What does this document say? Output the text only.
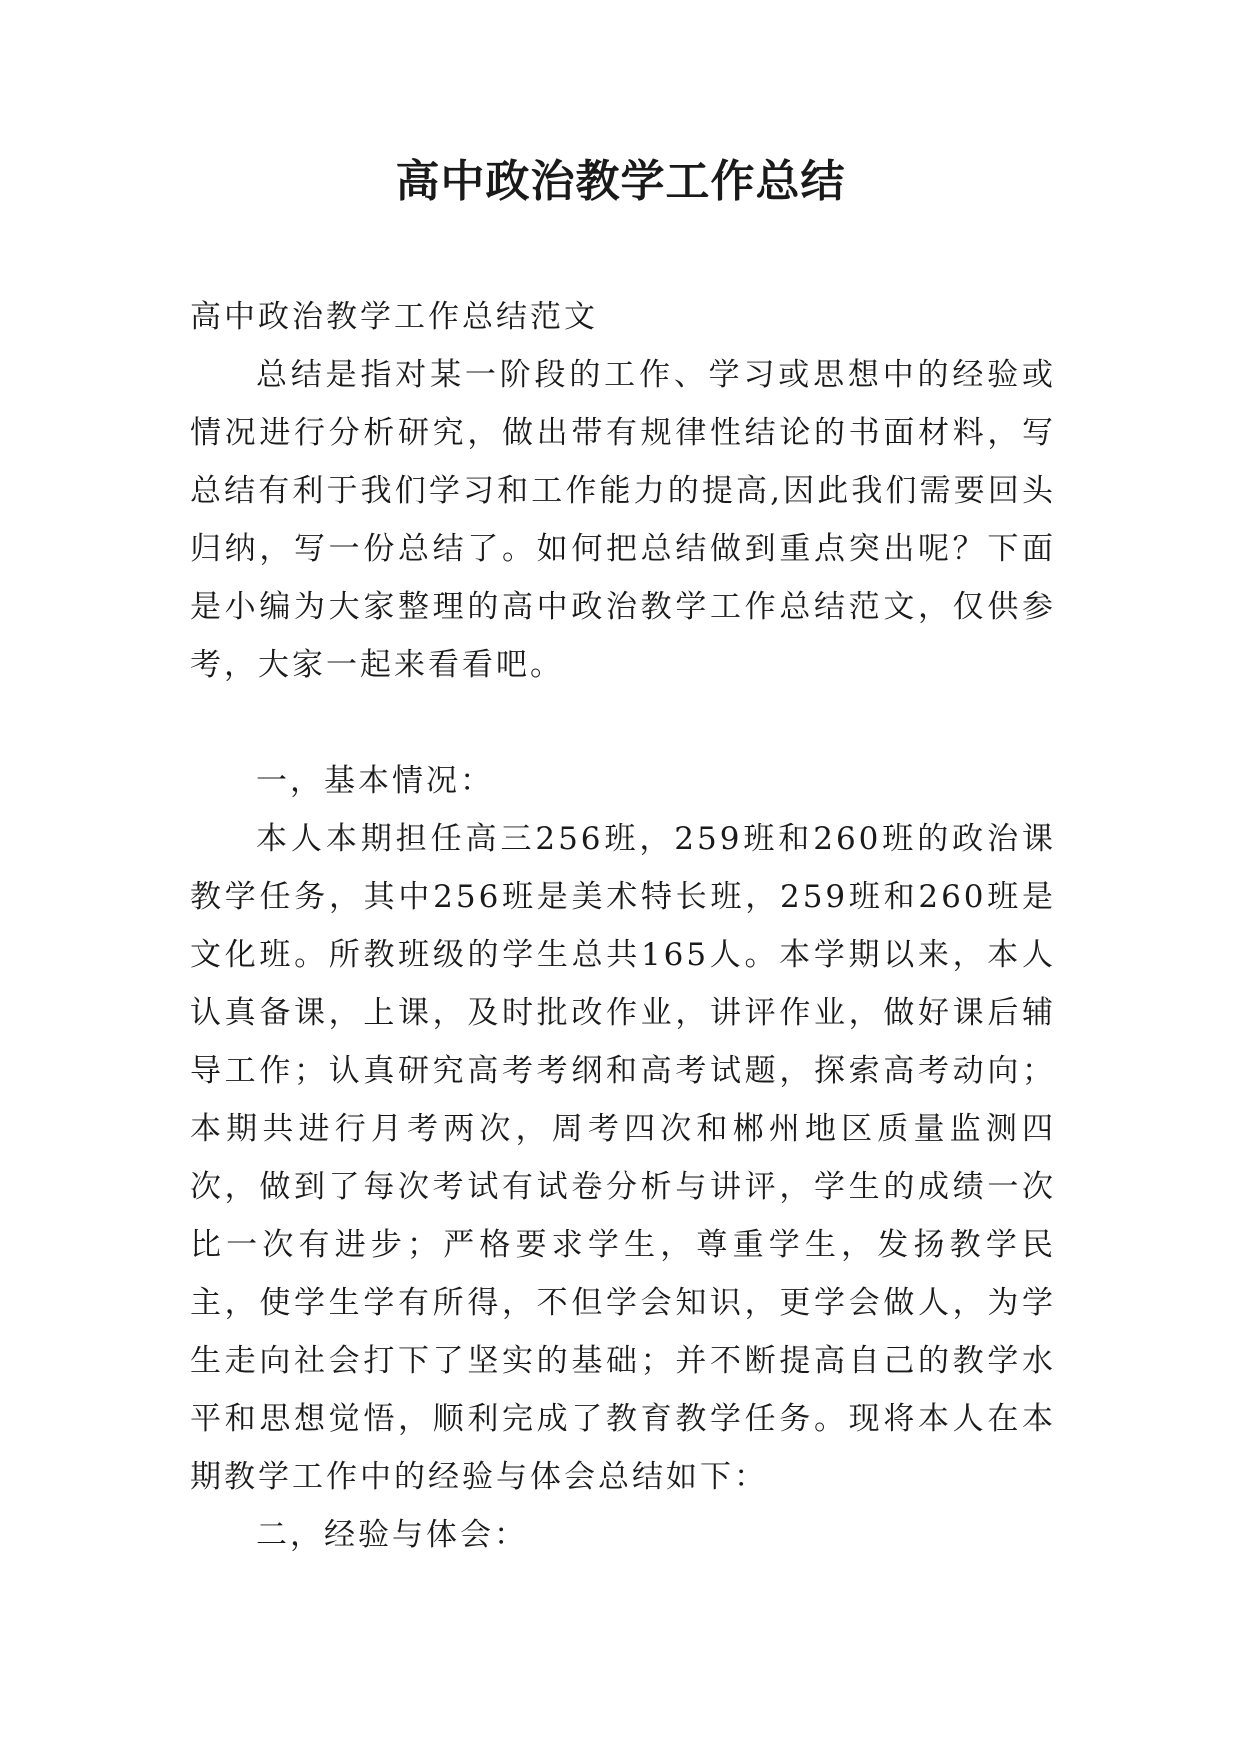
高中政治教学工作总结

高中政治教学工作总结范文

总结是指对某一阶段的工作、学习或思想中的经验或情况进行分析研究，做出带有规律性结论的书面材料，写总结有利于我们学习和工作能力的提高,因此我们需要回头归纳，写一份总结了。如何把总结做到重点突出呢？下面是小编为大家整理的高中政治教学工作总结范文，仅供参考，大家一起来看看吧。

一，基本情况：

本人本期担任高三256班，259班和260班的政治课教学任务，其中256班是美术特长班，259班和260班是文化班。所教班级的学生总共165人。本学期以来，本人认真备课，上课，及时批改作业，讲评作业，做好课后辅导工作；认真研究高考考纲和高考试题，探索高考动向；本期共进行月考两次，周考四次和郴州地区质量监测四次，做到了每次考试有试卷分析与讲评，学生的成绩一次比一次有进步；严格要求学生，尊重学生，发扬教学民主，使学生学有所得，不但学会知识，更学会做人，为学生走向社会打下了坚实的基础；并不断提高自己的教学水平和思想觉悟，顺利完成了教育教学任务。现将本人在本期教学工作中的经验与体会总结如下：

二，经验与体会：
